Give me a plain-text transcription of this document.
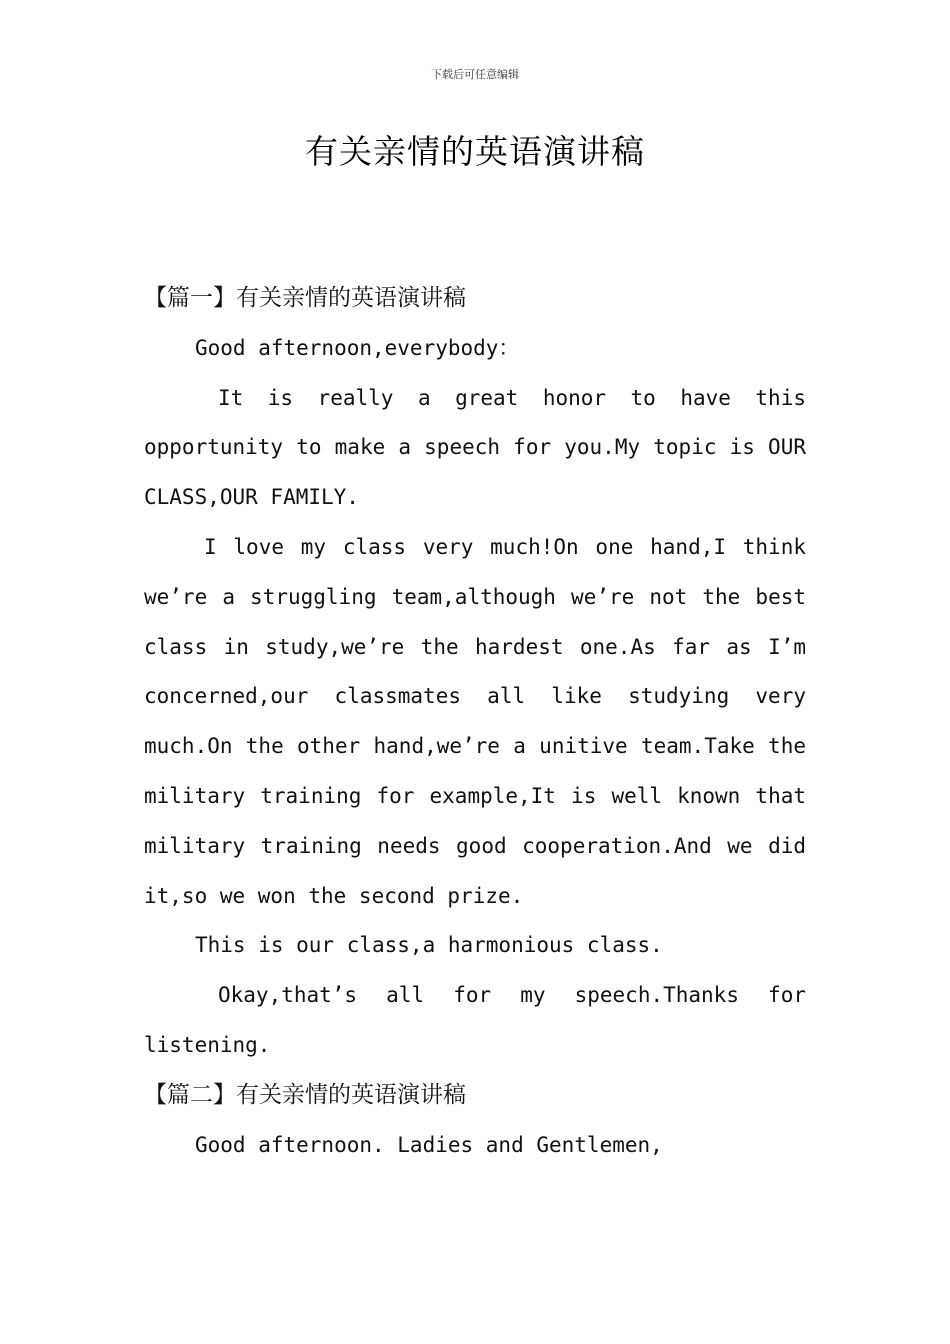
下载后可任意编辑
有关亲情的英语演讲稿
【篇一】有关亲情的英语演讲稿

Good afternoon,everybody：

It is really a great honor to have this opportunity to make a speech for you.My topic is OUR CLASS,OUR FAMILY.

I love my class very much!On one hand,I think we’re a struggling team,although we’re not the best class in study,we’re the hardest one.As far as I’m concerned,our classmates all like studying very much.On the other hand,we’re a unitive team.Take the military training for example,It is well known that military training needs good cooperation.And we did it,so we won the second prize.

This is our class,a harmonious class.

Okay,that’s all for my speech.Thanks for listening.

【篇二】有关亲情的英语演讲稿

Good afternoon. Ladies and Gentlemen,
